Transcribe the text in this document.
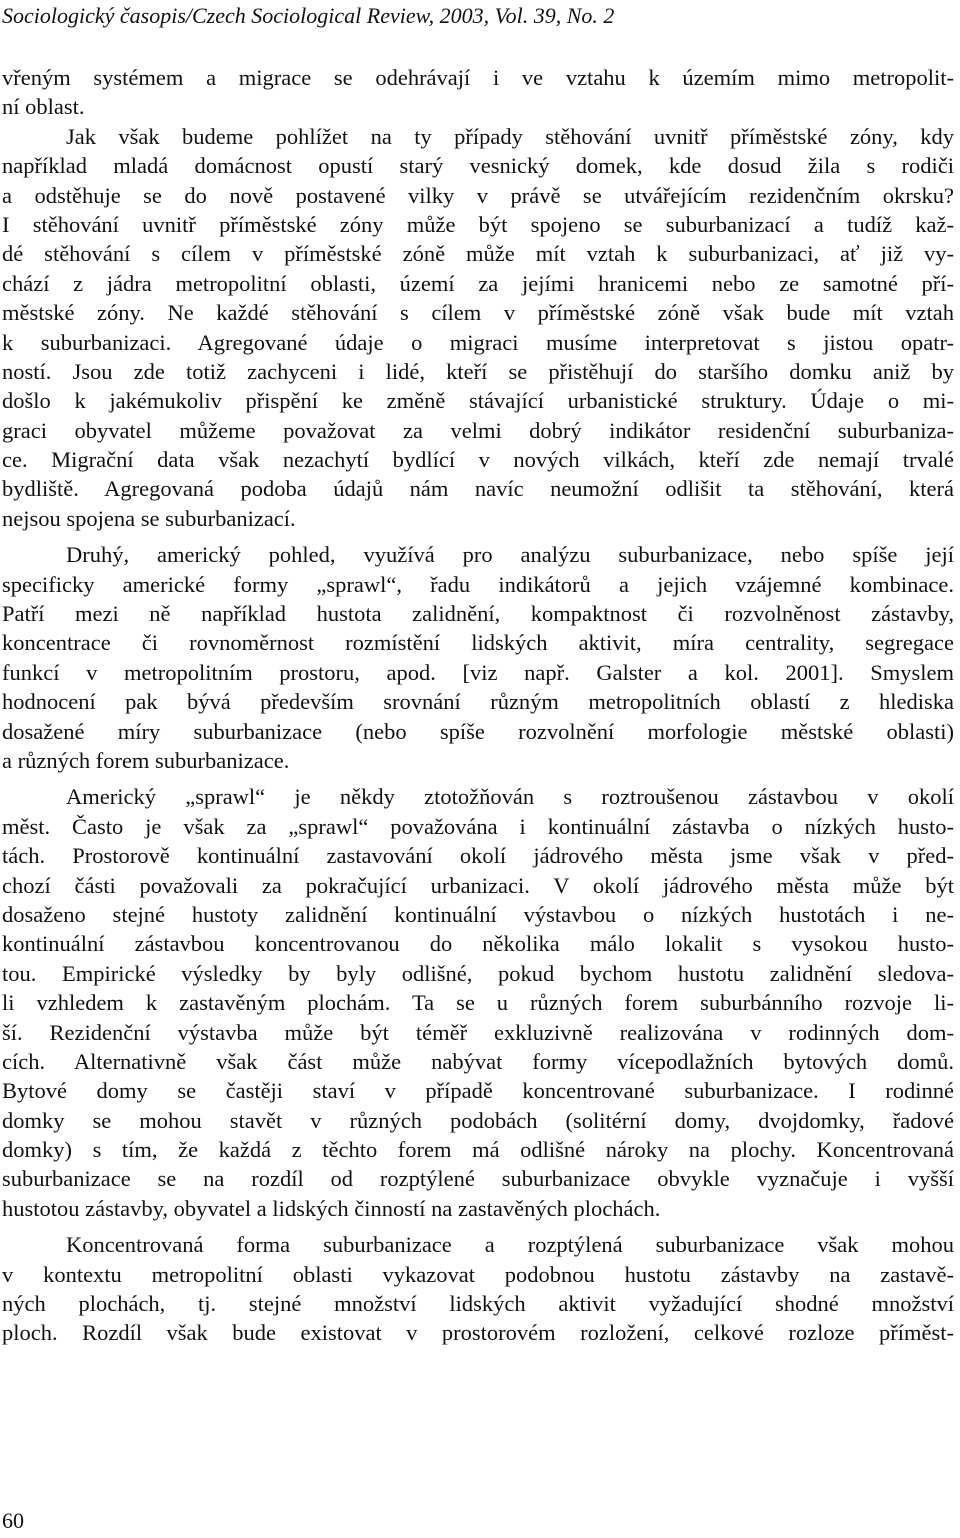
Sociologický časopis/Czech Sociological Review, 2003, Vol. 39, No. 2
vřeným systémem a migrace se odehrávají i ve vztahu k územím mimo metropolit-
ní oblast.
Jak však budeme pohlížet na ty případy stěhování uvnitř příměstské zóny, kdy
například mladá domácnost opustí starý vesnický domek, kde dosud žila s rodiči
a odstěhuje se do nově postavené vilky v právě se utvářejícím rezidenčním okrsku?
I stěhování uvnitř příměstské zóny může být spojeno se suburbanizací a tudíž kaž-
dé stěhování s cílem v příměstské zóně může mít vztah k suburbanizaci, ať již vy-
chází z jádra metropolitní oblasti, území za jejími hranicemi nebo ze samotné pří-
městské zóny. Ne každé stěhování s cílem v příměstské zóně však bude mít vztah
k suburbanizaci. Agregované údaje o migraci musíme interpretovat s jistou opatr-
ností. Jsou zde totiž zachyceni i lidé, kteří se přistěhují do staršího domku aniž by
došlo k jakémukoliv přispění ke změně stávající urbanistické struktury. Údaje o mi-
graci obyvatel můžeme považovat za velmi dobrý indikátor residenční suburbaniza-
ce. Migrační data však nezachytí bydlící v nových vilkách, kteří zde nemají trvalé
bydliště. Agregovaná podoba údajů nám navíc neumožní odlišit ta stěhování, která
nejsou spojena se suburbanizací.
Druhý, americký pohled, využívá pro analýzu suburbanizace, nebo spíše její
specificky americké formy „sprawl“, řadu indikátorů a jejich vzájemné kombinace.
Patří mezi ně například hustota zalidnění, kompaktnost či rozvolněnost zástavby,
koncentrace či rovnoměrnost rozmístění lidských aktivit, míra centrality, segregace
funkcí v metropolitním prostoru, apod. [viz např. Galster a kol. 2001]. Smyslem
hodnocení pak bývá především srovnání různým metropolitních oblastí z hlediska
dosažené míry suburbanizace (nebo spíše rozvolnění morfologie městské oblasti)
a různých forem suburbanizace.
Americký „sprawl“ je někdy ztotožňován s roztroušenou zástavbou v okolí
měst. Často je však za „sprawl“ považována i kontinuální zástavba o nízkých husto-
tách. Prostorově kontinuální zastavování okolí jádrového města jsme však v před-
chozí části považovali za pokračující urbanizaci. V okolí jádrového města může být
dosaženo stejné hustoty zalidnění kontinuální výstavbou o nízkých hustotách i ne-
kontinuální zástavbou koncentrovanou do několika málo lokalit s vysokou husto-
tou. Empirické výsledky by byly odlišné, pokud bychom hustotu zalidnění sledova-
li vzhledem k zastavěným plochám. Ta se u různých forem suburbánního rozvoje li-
ší. Rezidenční výstavba může být téměř exkluzivně realizována v rodinných dom-
cích. Alternativně však část může nabývat formy vícepodlažních bytových domů.
Bytové domy se častěji staví v případě koncentrované suburbanizace. I rodinné
domky se mohou stavět v různých podobách (solitérní domy, dvojdomky, řadové
domky) s tím, že každá z těchto forem má odlišné nároky na plochy. Koncentrovaná
suburbanizace se na rozdíl od rozptýlené suburbanizace obvykle vyznačuje i vyšší
hustotou zástavby, obyvatel a lidských činností na zastavěných plochách.
Koncentrovaná forma suburbanizace a rozptýlená suburbanizace však mohou
v kontextu metropolitní oblasti vykazovat podobnou hustotu zástavby na zastavě-
ných plochách, tj. stejné množství lidských aktivit vyžadující shodné množství
ploch. Rozdíl však bude existovat v prostorovém rozložení, celkové rozloze příměst-
60
